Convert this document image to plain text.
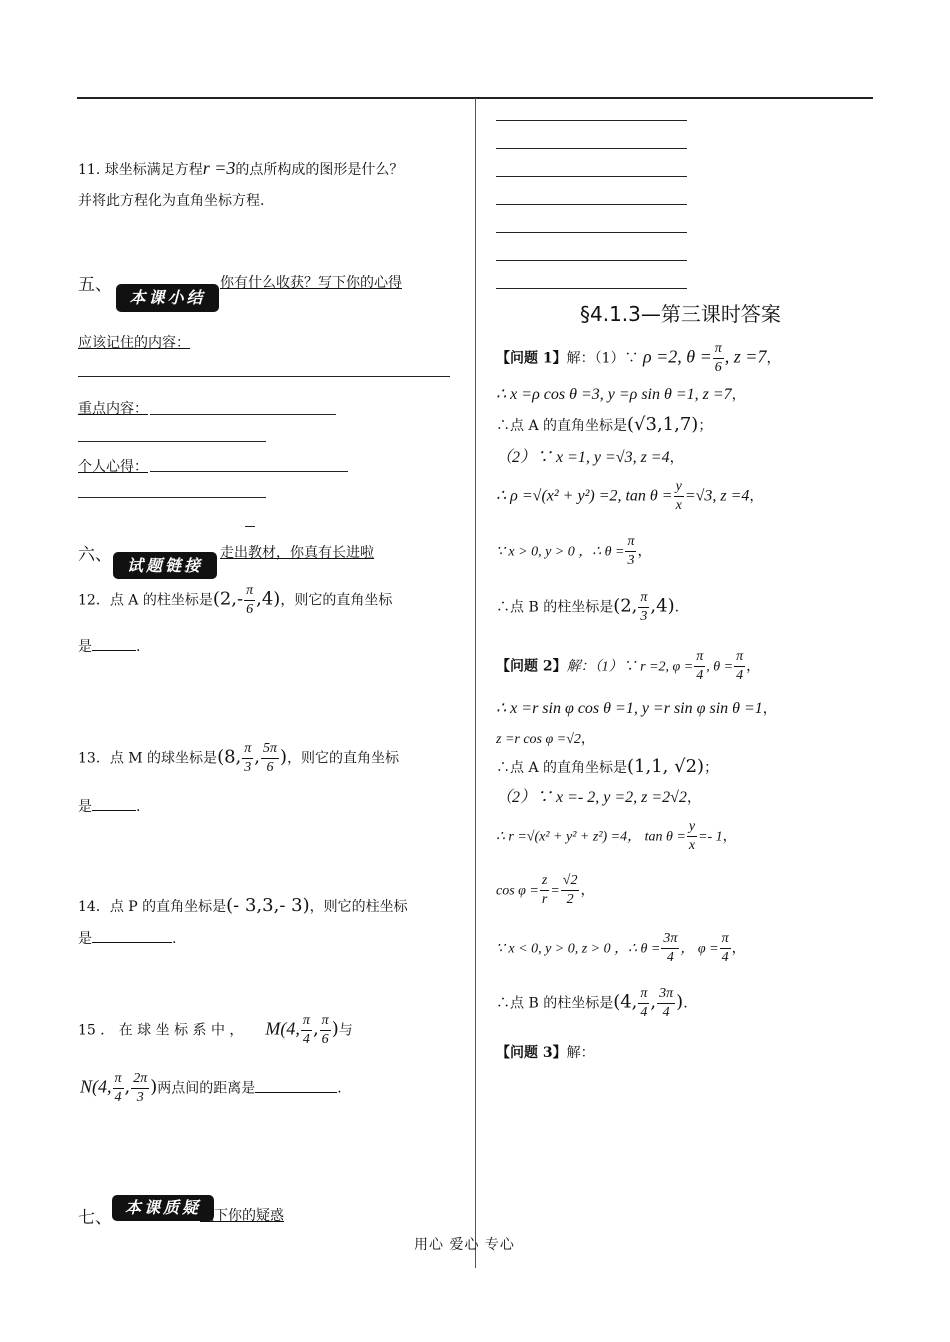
11. 球坐标满足方程r =3的点所构成的图形是什么？
并将此方程化为直角坐标方程.
五、
本课小结
你有什么收获？写下你的心得
应该记住的内容：
重点内容：
个人心得：
六、
试题链接
走出教材，你真有长进啦
12．点 A 的柱坐标是$(2,- \frac{\pi}{6} ,4)$，则它的直角坐标
是	.
13．点 M 的球坐标是(8, $\frac{\pi}{3}$ , $\frac{5\pi}{6}$ )，则它的直角坐标
是	.
14．点 P 的直角坐标是(- 3,3,- 3)，则它的柱坐标
是	.
15 ． 在 球 坐 标 系 中 ， M(4, $\frac{\pi}{4}$ , $\frac{\pi}{6}$ )与
N(4, $\frac{\pi}{4}$ , $\frac{2\pi}{3}$ )两点间的距离是	.
七、
本课质疑 记下你的疑惑
§4.1.3—第三课时答案
【问题 1】解：（1）∵ ρ =2, $\theta = \frac{\pi}{6}$ , z =7，
∴ x =ρ cos θ =3, y =ρ sin θ =1, z =7，
∴点 A 的直角坐标是(√3,1,7)；
（2）∵ x =1, y =√3, z =4，
∴ ρ =√(x² + y²) =2, $\tan \theta = \frac{y}{x} =√3$, z =4，
∵ x > 0, y > 0 ，∴ $\theta = \frac{\pi}{3}$ ，
∴点 B 的柱坐标是(2, $\frac{\pi}{3} ,4$).
【问题 2】解：（1）∵ r =2, $\varphi = \frac{\pi}{4}$ , $\theta = \frac{\pi}{4}$ ，
∴ x =r sin φ cos θ =1, y =r sin φ sin θ =1，
z =r cos φ =√2，
∴点 A 的直角坐标是(1,1, √2)；
（2）∵ x =- 2, y =2, z =2√2，
∴ r =√(x² + y² + z²) =4， $\tan \theta = \frac{y}{x} =- 1$，
$\cos \varphi = \frac{z}{r} = \frac{√2}{2}$ ，
∵ x < 0, y > 0, z > 0 ，∴ $\theta = \frac{3\pi}{4}$ ， $\varphi = \frac{\pi}{4}$ ，
∴点 B 的柱坐标是(4, $\frac{\pi}{4}$ , $\frac{3\pi}{4}$ ).
【问题 3】解：
用心 爱心 专心
